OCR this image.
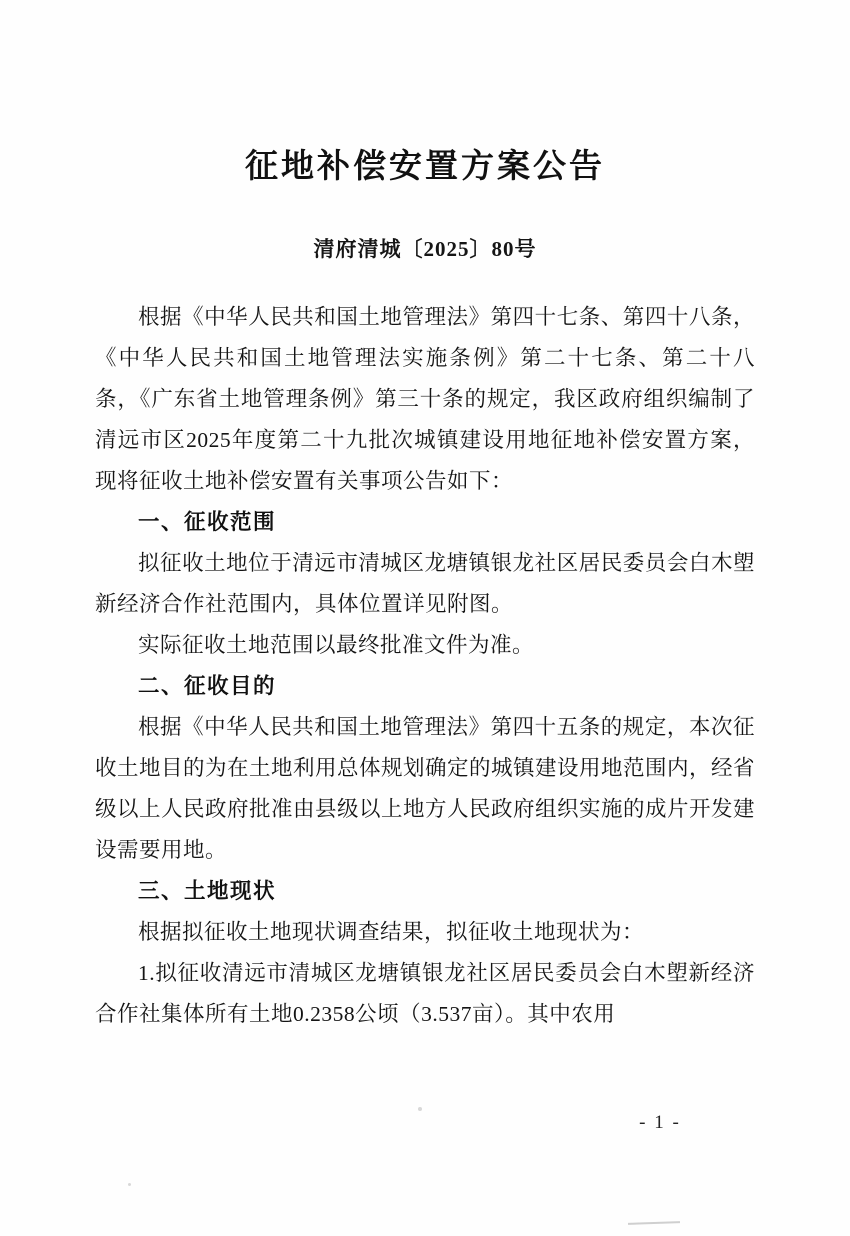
征地补偿安置方案公告
清府清城〔2025〕80号

根据《中华人民共和国土地管理法》第四十七条、第四十八条，《中华人民共和国土地管理法实施条例》第二十七条、第二十八条，《广东省土地管理条例》第三十条的规定，我区政府组织编制了清远市区2025年度第二十九批次城镇建设用地征地补偿安置方案，现将征收土地补偿安置有关事项公告如下：

一、征收范围

拟征收土地位于清远市清城区龙塘镇银龙社区居民委员会白木塱新经济合作社范围内，具体位置详见附图。

实际征收土地范围以最终批准文件为准。

二、征收目的

根据《中华人民共和国土地管理法》第四十五条的规定，本次征收土地目的为在土地利用总体规划确定的城镇建设用地范围内，经省级以上人民政府批准由县级以上地方人民政府组织实施的成片开发建设需要用地。

三、土地现状

根据拟征收土地现状调查结果，拟征收土地现状为：

1.拟征收清远市清城区龙塘镇银龙社区居民委员会白木塱新经济合作社集体所有土地0.2358公顷（3.537亩）。其中农用

- 1 -
